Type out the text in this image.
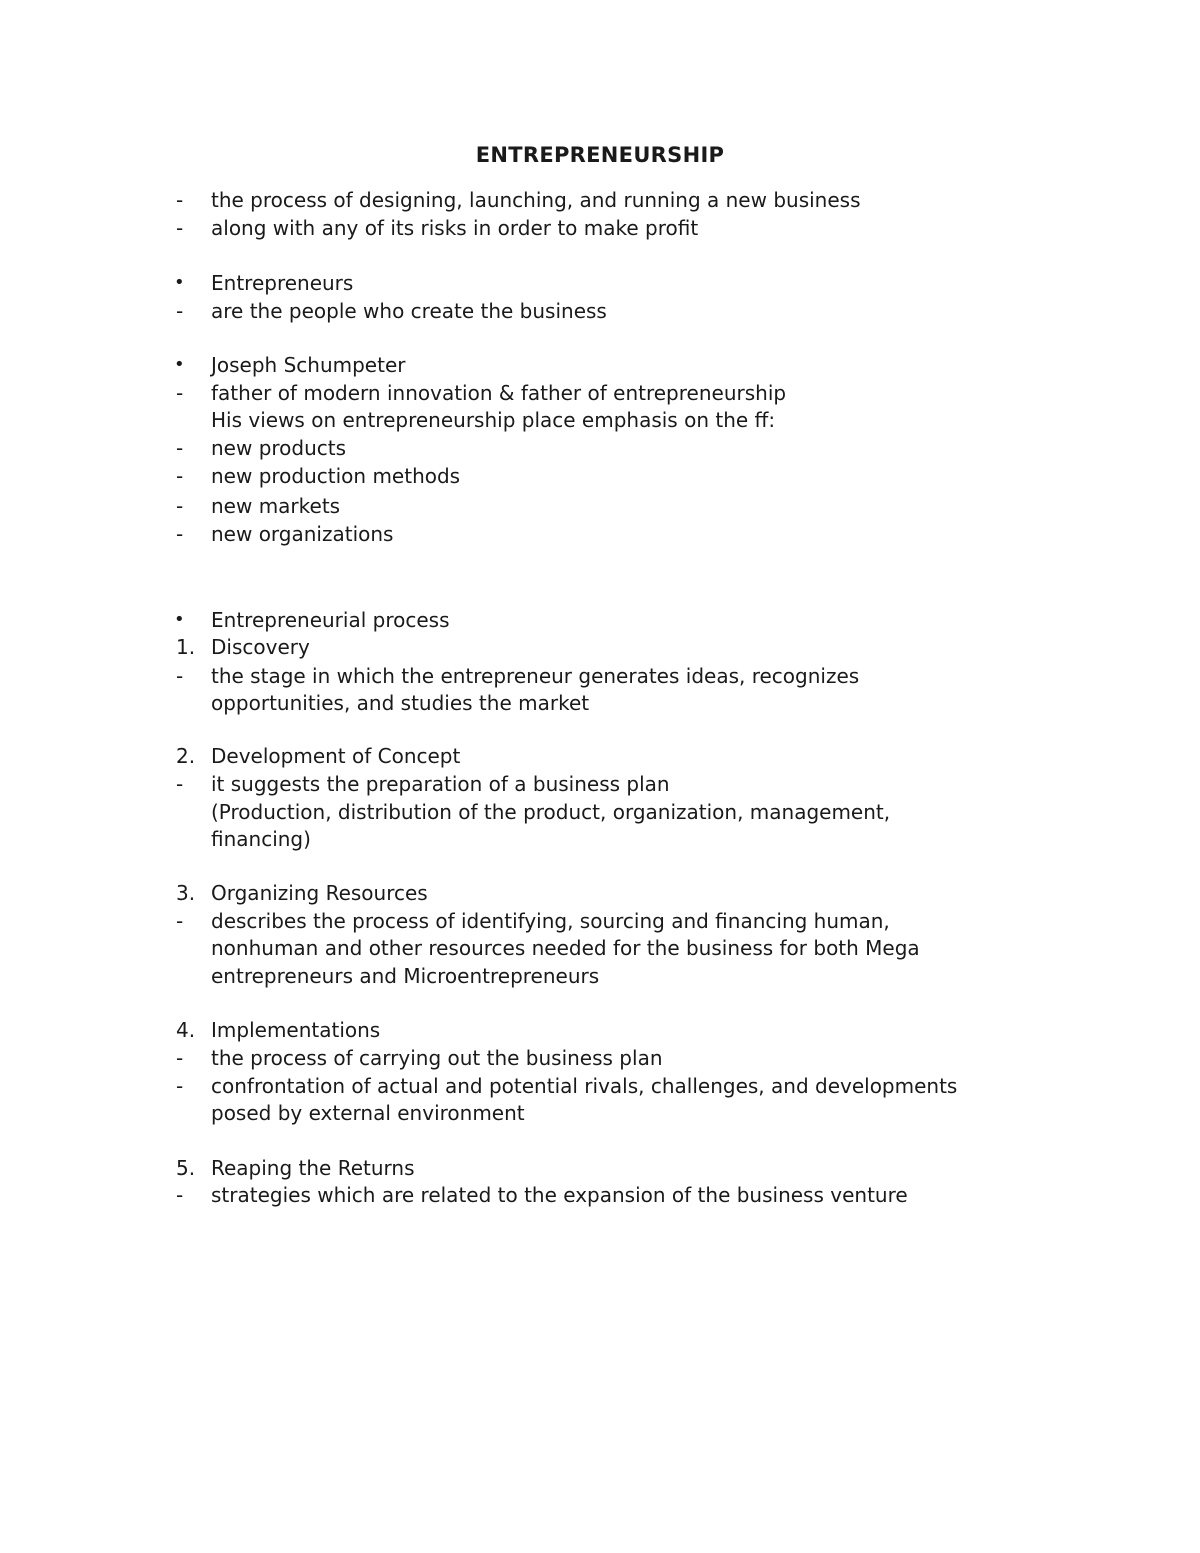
ENTREPRENEURSHIP
- the process of designing, launching, and running a new business
- along with any of its risks in order to make profit
• Entrepreneurs
- are the people who create the business
• Joseph Schumpeter
- father of modern innovation & father of entrepreneurship
His views on entrepreneurship place emphasis on the ff:
- new products
- new production methods
- new markets
- new organizations
• Entrepreneurial process
1. Discovery
- the stage in which the entrepreneur generates ideas, recognizes
opportunities, and studies the market
2. Development of Concept
- it suggests the preparation of a business plan
(Production, distribution of the product, organization, management,
financing)
3. Organizing Resources
- describes the process of identifying, sourcing and financing human,
nonhuman and other resources needed for the business for both Mega
entrepreneurs and Microentrepreneurs
4. Implementations
- the process of carrying out the business plan
- confrontation of actual and potential rivals, challenges, and developments
posed by external environment
5. Reaping the Returns
- strategies which are related to the expansion of the business venture
